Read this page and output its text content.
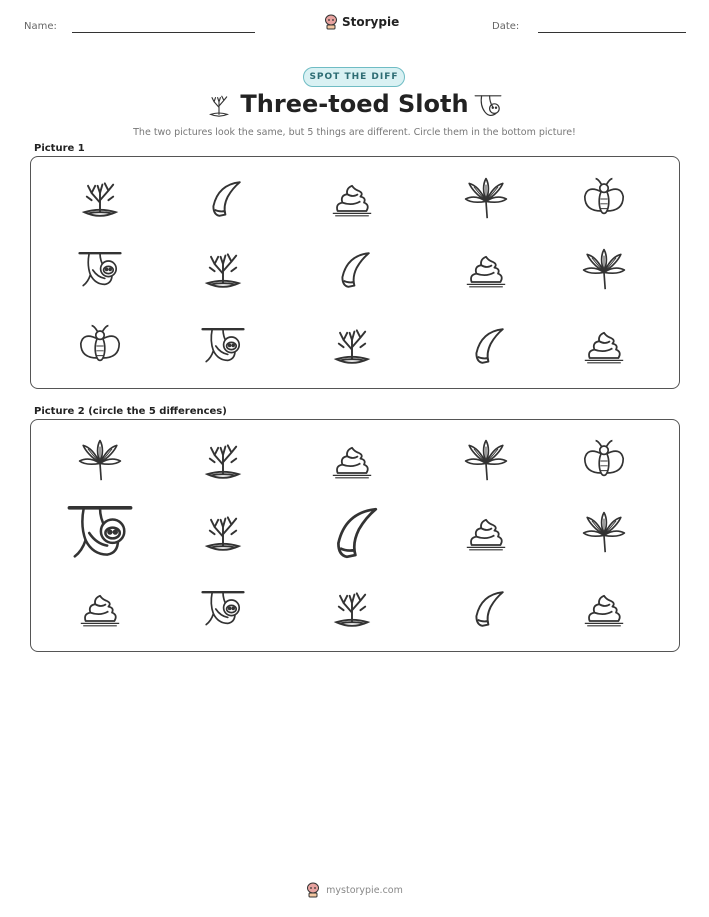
Name:	Storypie	Date:
SPOT THE DIFF
Three-toed Sloth
The two pictures look the same, but 5 things are different. Circle them in the bottom picture!
Picture 1
Picture 2 (circle the 5 differences)
mystorypie.com
